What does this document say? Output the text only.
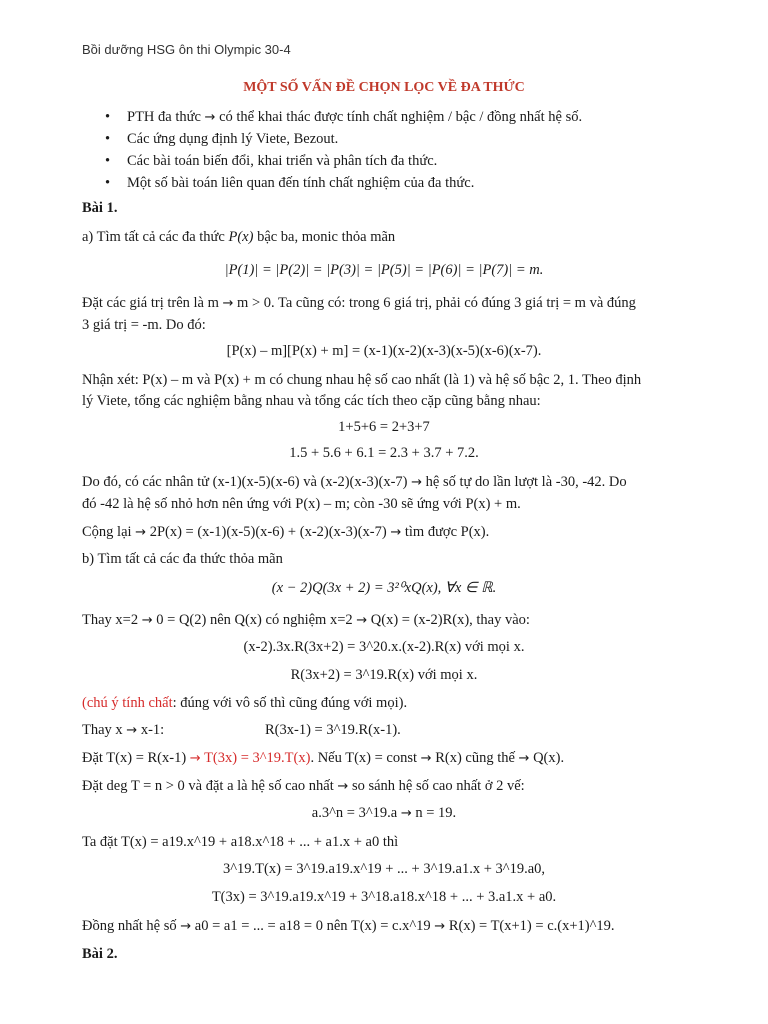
Bồi dưỡng HSG ôn thi Olympic 30-4
MỘT SỐ VẤN ĐỀ CHỌN LỌC VỀ ĐA THỨC
• PTH đa thức → có thể khai thác được tính chất nghiệm / bậc / đồng nhất hệ số.
• Các ứng dụng định lý Viete, Bezout.
• Các bài toán biến đổi, khai triển và phân tích đa thức.
• Một số bài toán liên quan đến tính chất nghiệm của đa thức.
Bài 1.
a) Tìm tất cả các đa thức P(x) bậc ba, monic thỏa mãn
|P(1)| = |P(2)| = |P(3)| = |P(5)| = |P(6)| = |P(7)| = m.
Đặt các giá trị trên là m → m > 0. Ta cũng có: trong 6 giá trị, phải có đúng 3 giá trị = m và đúng
3 giá trị = -m. Do đó:
[P(x) – m][P(x) + m] = (x-1)(x-2)(x-3)(x-5)(x-6)(x-7).
Nhận xét: P(x) – m và P(x) + m có chung nhau hệ số cao nhất (là 1) và hệ số bậc 2, 1. Theo định
lý Viete, tổng các nghiệm bằng nhau và tổng các tích theo cặp cũng bằng nhau:
1+5+6 = 2+3+7
1.5 + 5.6 + 6.1 = 2.3 + 3.7 + 7.2.
Do đó, có các nhân tử (x-1)(x-5)(x-6) và (x-2)(x-3)(x-7) → hệ số tự do lần lượt là -30, -42. Do
đó -42 là hệ số nhỏ hơn nên ứng với P(x) – m; còn -30 sẽ ứng với P(x) + m.
Cộng lại → 2P(x) = (x-1)(x-5)(x-6) + (x-2)(x-3)(x-7) → tìm được P(x).
b) Tìm tất cả các đa thức thỏa mãn
(x − 2)Q(3x + 2) = 3²⁰xQ(x), ∀x ∈ ℝ.
Thay x=2 → 0 = Q(2) nên Q(x) có nghiệm x=2 → Q(x) = (x-2)R(x), thay vào:
(x-2).3x.R(3x+2) = 3^20.x.(x-2).R(x) với mọi x.
R(3x+2) = 3^19.R(x) với mọi x.
(chú ý tính chất: đúng với vô số thì cũng đúng với mọi).
Thay x → x-1:	R(3x-1) = 3^19.R(x-1).
Đặt T(x) = R(x-1) → T(3x) = 3^19.T(x). Nếu T(x) = const → R(x) cũng thế → Q(x).
Đặt deg T = n > 0 và đặt a là hệ số cao nhất → so sánh hệ số cao nhất ở 2 vế:
a.3^n = 3^19.a → n = 19.
Ta đặt T(x) = a19.x^19 + a18.x^18 + ... + a1.x + a0 thì
3^19.T(x) = 3^19.a19.x^19 + ... + 3^19.a1.x + 3^19.a0,
T(3x) = 3^19.a19.x^19 + 3^18.a18.x^18 + ... + 3.a1.x + a0.
Đồng nhất hệ số → a0 = a1 = ... = a18 = 0 nên T(x) = c.x^19 → R(x) = T(x+1) = c.(x+1)^19.
Bài 2.
